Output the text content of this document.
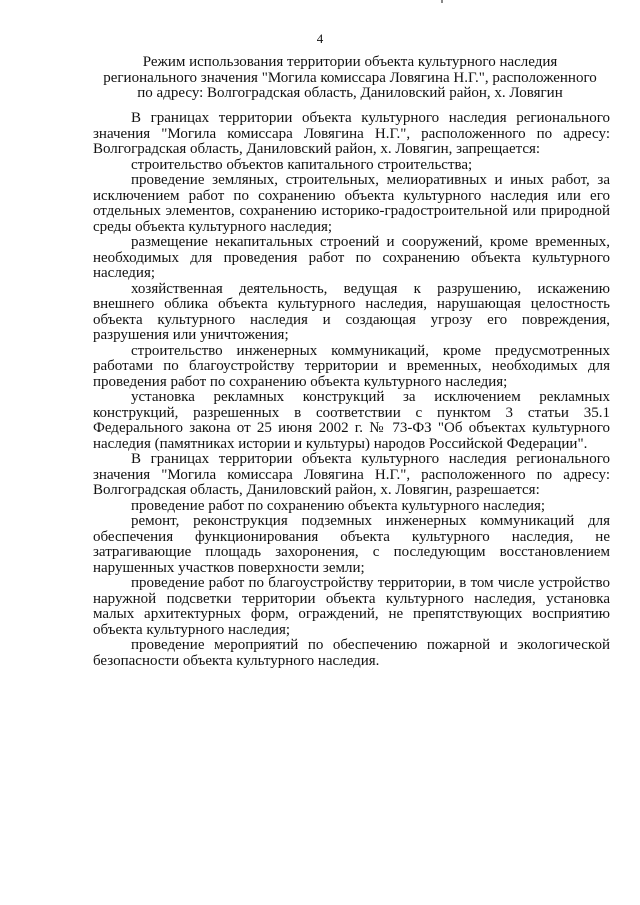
4
Режим использования территории объекта культурного наследия
регионального значения "Могила комиссара Ловягина Н.Г.", расположенного
по адресу: Волгоградская область, Даниловский район, х. Ловягин

В границах территории объекта культурного наследия регионального значения "Могила комиссара Ловягина Н.Г.", расположенного по адресу: Волгоградская область, Даниловский район, х. Ловягин, запрещается:

строительство объектов капитального строительства;

проведение земляных, строительных, мелиоративных и иных работ, за исключением работ по сохранению объекта культурного наследия или его отдельных элементов, сохранению историко-градостроительной или природной среды объекта культурного наследия;

размещение некапитальных строений и сооружений, кроме временных, необходимых для проведения работ по сохранению объекта культурного наследия;

хозяйственная деятельность, ведущая к разрушению, искажению внешнего облика объекта культурного наследия, нарушающая целостность объекта культурного наследия и создающая угрозу его повреждения, разрушения или уничтожения;

строительство инженерных коммуникаций, кроме предусмотренных работами по благоустройству территории и временных, необходимых для проведения работ по сохранению объекта культурного наследия;

установка рекламных конструкций за исключением рекламных конструкций, разрешенных в соответствии с пунктом 3 статьи 35.1 Федерального закона от 25 июня 2002 г. № 73-ФЗ "Об объектах культурного наследия (памятниках истории и культуры) народов Российской Федерации".

В границах территории объекта культурного наследия регионального значения "Могила комиссара Ловягина Н.Г.", расположенного по адресу: Волгоградская область, Даниловский район, х. Ловягин, разрешается:

проведение работ по сохранению объекта культурного наследия;

ремонт, реконструкция подземных инженерных коммуникаций для обеспечения функционирования объекта культурного наследия, не затрагивающие площадь захоронения, с последующим восстановлением нарушенных участков поверхности земли;

проведение работ по благоустройству территории, в том числе устройство наружной подсветки территории объекта культурного наследия, установка малых архитектурных форм, ограждений, не препятствующих восприятию объекта культурного наследия;

проведение мероприятий по обеспечению пожарной и экологической безопасности объекта культурного наследия.
